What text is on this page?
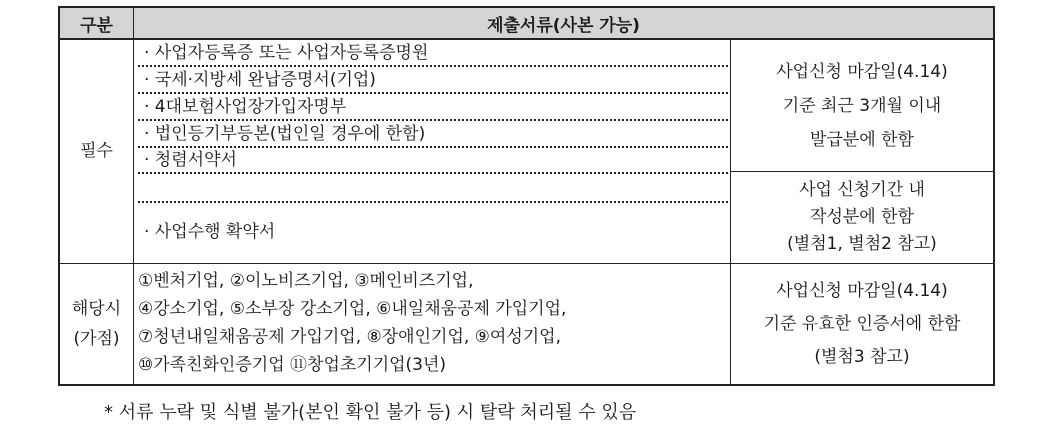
구분	제출서류(사본 가능)
필수
· 사업자등록증 또는 사업자등록증명원
· 국세·지방세 완납증명서(기업)
· 4대보험사업장가입자명부
· 법인등기부등본(법인일 경우에 한함)
· 청렴서약서
· 사업수행 확약서
사업신청 마감일(4.14)
기준 최근 3개월 이내
발급분에 한함
사업 신청기간 내
작성분에 한함
(별첨1, 별첨2 참고)
해당시
(가점)
①벤처기업, ②이노비즈기업, ③메인비즈기업,
④강소기업, ⑤소부장 강소기업, ⑥내일채움공제 가입기업,
⑦청년내일채움공제 가입기업, ⑧장애인기업, ⑨여성기업,
⑩가족친화인증기업 ⑪창업초기기업(3년)
사업신청 마감일(4.14)
기준 유효한 인증서에 한함
(별첨3 참고)
* 서류 누락 및 식별 불가(본인 확인 불가 등) 시 탈락 처리될 수 있음
